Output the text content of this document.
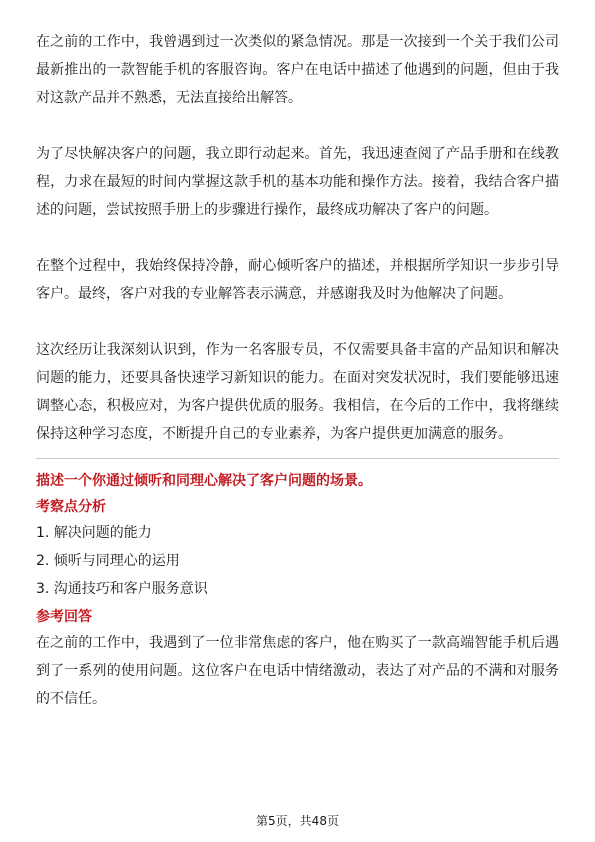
在之前的工作中，我曾遇到过一次类似的紧急情况。那是一次接到一个关于我们公司最新推出的一款智能手机的客服咨询。客户在电话中描述了他遇到的问题，但由于我对这款产品并不熟悉，无法直接给出解答。

为了尽快解决客户的问题，我立即行动起来。首先，我迅速查阅了产品手册和在线教程，力求在最短的时间内掌握这款手机的基本功能和操作方法。接着，我结合客户描述的问题，尝试按照手册上的步骤进行操作，最终成功解决了客户的问题。

在整个过程中，我始终保持冷静，耐心倾听客户的描述，并根据所学知识一步步引导客户。最终，客户对我的专业解答表示满意，并感谢我及时为他解决了问题。

这次经历让我深刻认识到，作为一名客服专员，不仅需要具备丰富的产品知识和解决问题的能力，还要具备快速学习新知识的能力。在面对突发状况时，我们要能够迅速调整心态，积极应对，为客户提供优质的服务。我相信，在今后的工作中，我将继续保持这种学习态度，不断提升自己的专业素养，为客户提供更加满意的服务。

描述一个你通过倾听和同理心解决了客户问题的场景。

考察点分析

1. 解决问题的能力
2. 倾听与同理心的运用
3. 沟通技巧和客户服务意识

参考回答

在之前的工作中，我遇到了一位非常焦虑的客户，他在购买了一款高端智能手机后遇到了一系列的使用问题。这位客户在电话中情绪激动，表达了对产品的不满和对服务的不信任。

第5页，共48页
